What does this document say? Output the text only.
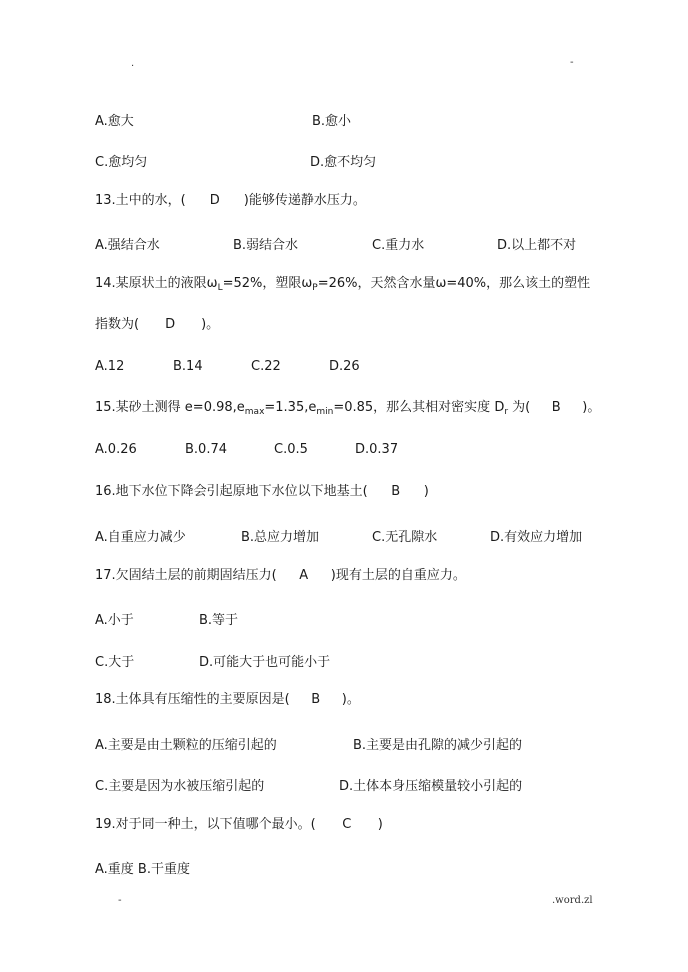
.	-
A.愈大	B.愈小
C.愈均匀	D.愈不均匀
13.土中的水，( D )能够传递静水压力。
A.强结合水	B.弱结合水	C.重力水	D.以上都不对
14.某原状土的液限$\omega_L=52\%$，塑限$\omega_P=26\%$，天然含水量ω=40%，那么该土的塑性
指数为( D )。
A.12	B.14	C.22	D.26
15.某砂土测得 $e=0.98,e_{max}=1.35,e_{min}=0.85$，那么其相对密实度 $D_r$ 为( B )。
A.0.26	B.0.74	C.0.5	D.0.37
16.地下水位下降会引起原地下水位以下地基土( B )
A.自重应力减少	B.总应力增加	C.无孔隙水	D.有效应力增加
17.欠固结土层的前期固结压力( A )现有土层的自重应力。
A.小于	B.等于
C.大于	D.可能大于也可能小于
18.土体具有压缩性的主要原因是( B )。
A.主要是由土颗粒的压缩引起的	B.主要是由孔隙的减少引起的
C.主要是因为水被压缩引起的	D.土体本身压缩模量较小引起的
19.对于同一种土，以下值哪个最小。( C )
A.重度 B.干重度
-	.word.zl
